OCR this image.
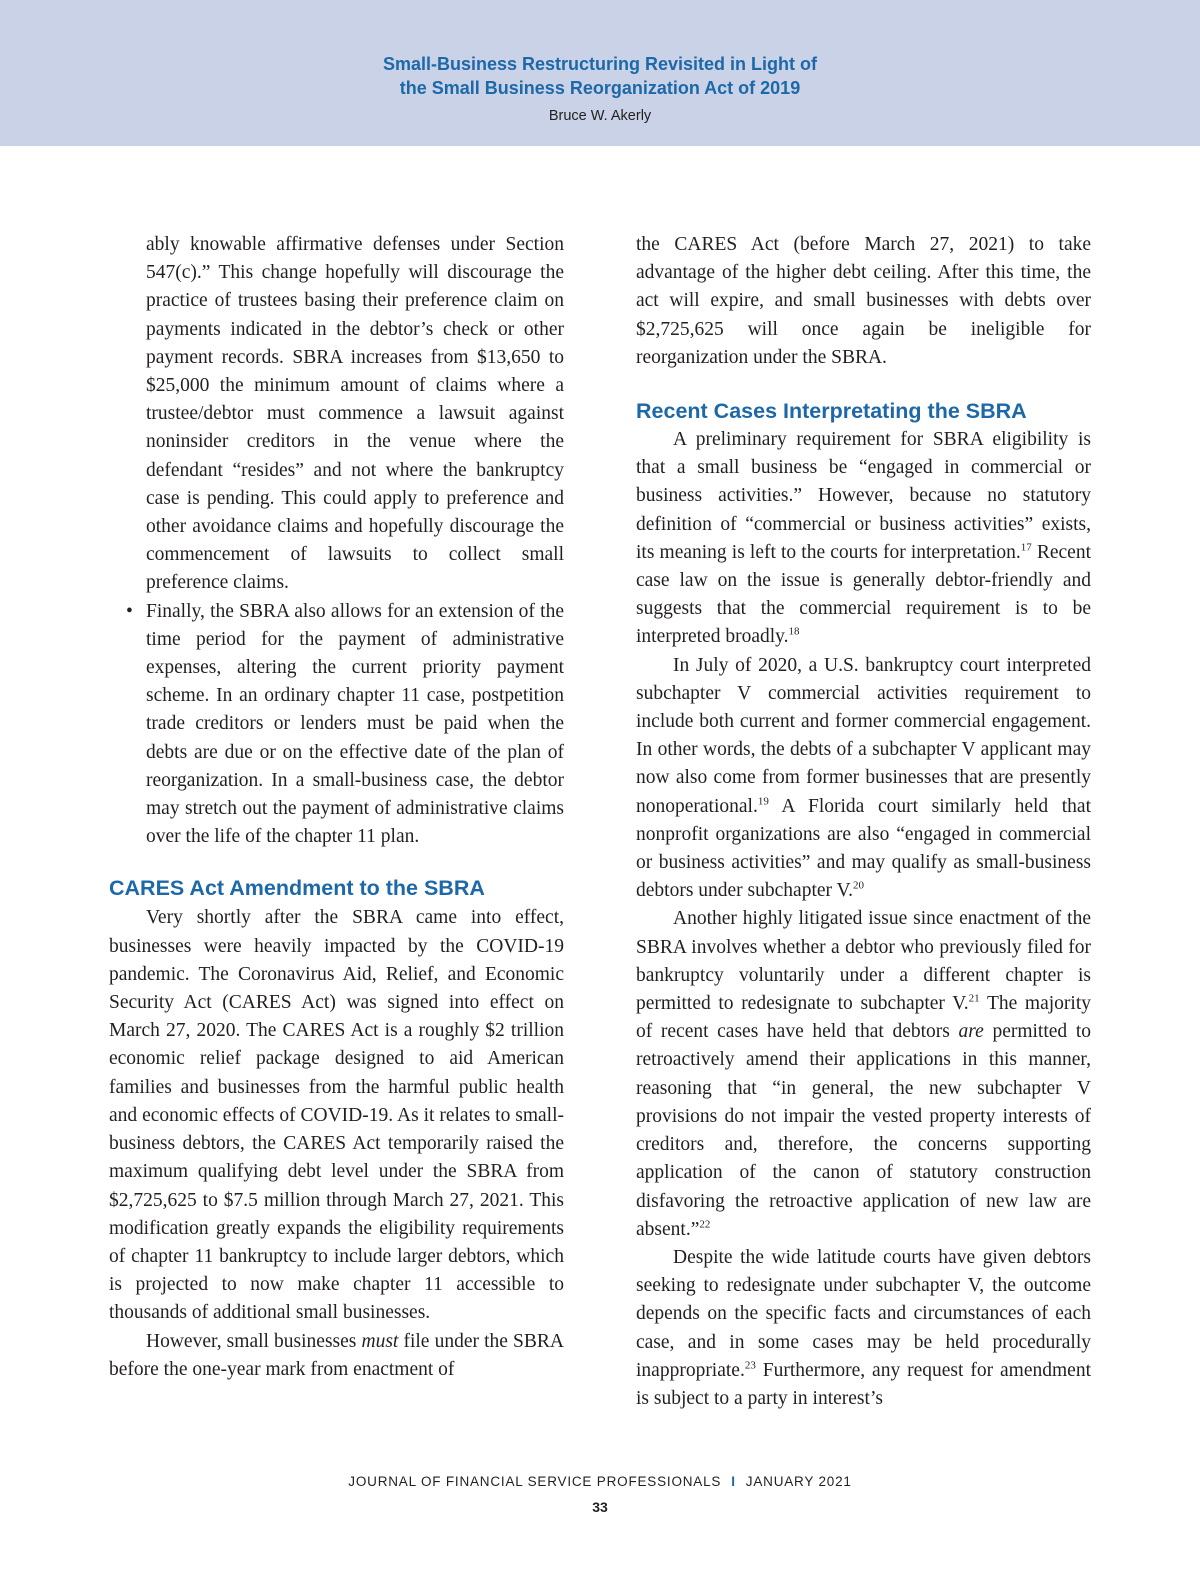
Small-Business Restructuring Revisited in Light of
the Small Business Reorganization Act of 2019
Bruce W. Akerly

ably knowable affirmative defenses under Section 547(c).” This change hopefully will discourage the practice of trustees basing their preference claim on payments indicated in the debtor’s check or other payment records. SBRA increases from $13,650 to $25,000 the minimum amount of claims where a trustee/debtor must commence a lawsuit against noninsider creditors in the venue where the defendant “resides” and not where the bankruptcy case is pending. This could apply to preference and other avoidance claims and hopefully discourage the commencement of lawsuits to collect small preference claims.

• Finally, the SBRA also allows for an extension of the time period for the payment of administrative expenses, altering the current priority payment scheme. In an ordinary chapter 11 case, postpetition trade creditors or lenders must be paid when the debts are due or on the effective date of the plan of reorganization. In a small-business case, the debtor may stretch out the payment of administrative claims over the life of the chapter 11 plan.

CARES Act Amendment to the SBRA

Very shortly after the SBRA came into effect, businesses were heavily impacted by the COVID-19 pandemic. The Coronavirus Aid, Relief, and Economic Security Act (CARES Act) was signed into effect on March 27, 2020. The CARES Act is a roughly $2 trillion economic relief package designed to aid American families and businesses from the harmful public health and economic effects of COVID-19. As it relates to small-business debtors, the CARES Act temporarily raised the maximum qualifying debt level under the SBRA from $2,725,625 to $7.5 million through March 27, 2021. This modification greatly expands the eligibility requirements of chapter 11 bankruptcy to include larger debtors, which is projected to now make chapter 11 accessible to thousands of additional small businesses.

However, small businesses must file under the SBRA before the one-year mark from enactment of

the CARES Act (before March 27, 2021) to take advantage of the higher debt ceiling. After this time, the act will expire, and small businesses with debts over $2,725,625 will once again be ineligible for reorganization under the SBRA.

Recent Cases Interpretating the SBRA

A preliminary requirement for SBRA eligibility is that a small business be “engaged in commercial or business activities.” However, because no statutory definition of “commercial or business activities” exists, its meaning is left to the courts for interpretation.$^{17}$ Recent case law on the issue is generally debtor-friendly and suggests that the commercial requirement is to be interpreted broadly.$^{18}$

In July of 2020, a U.S. bankruptcy court interpreted subchapter V commercial activities requirement to include both current and former commercial engagement. In other words, the debts of a subchapter V applicant may now also come from former businesses that are presently nonoperational.$^{19}$ A Florida court similarly held that nonprofit organizations are also “engaged in commercial or business activities” and may qualify as small-business debtors under subchapter V.$^{20}$

Another highly litigated issue since enactment of the SBRA involves whether a debtor who previously filed for bankruptcy voluntarily under a different chapter is permitted to redesignate to subchapter V.$^{21}$ The majority of recent cases have held that debtors are permitted to retroactively amend their applications in this manner, reasoning that “in general, the new subchapter V provisions do not impair the vested property interests of creditors and, therefore, the concerns supporting application of the canon of statutory construction disfavoring the retroactive application of new law are absent.”$^{22}$

Despite the wide latitude courts have given debtors seeking to redesignate under subchapter V, the outcome depends on the specific facts and circumstances of each case, and in some cases may be held procedurally inappropriate.$^{23}$ Furthermore, any request for amendment is subject to a party in interest’s

JOURNAL OF FINANCIAL SERVICE PROFESSIONALS I JANUARY 2021
33
